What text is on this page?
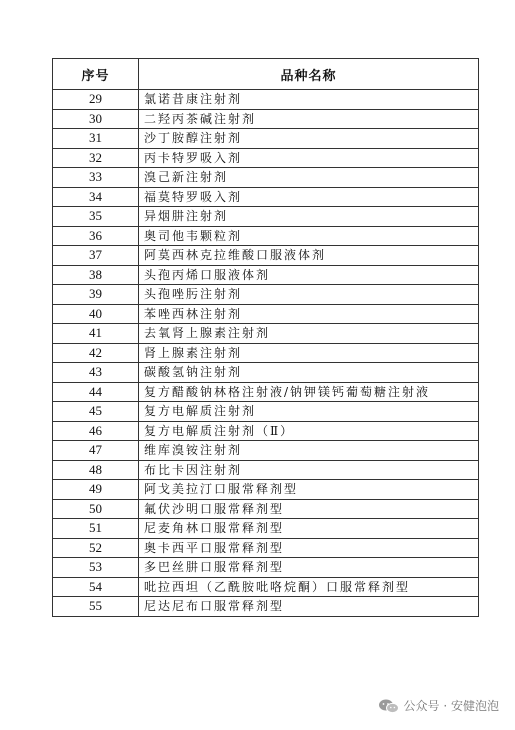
序号	品种名称
29	氯诺昔康注射剂
30	二羟丙茶碱注射剂
31	沙丁胺醇注射剂
32	丙卡特罗吸入剂
33	溴己新注射剂
34	福莫特罗吸入剂
35	异烟肼注射剂
36	奥司他韦颗粒剂
37	阿莫西林克拉维酸口服液体剂
38	头孢丙烯口服液体剂
39	头孢唑肟注射剂
40	苯唑西林注射剂
41	去氧肾上腺素注射剂
42	肾上腺素注射剂
43	碳酸氢钠注射剂
44	复方醋酸钠林格注射液/钠钾镁钙葡萄糖注射液
45	复方电解质注射剂
46	复方电解质注射剂（Ⅱ）
47	维库溴铵注射剂
48	布比卡因注射剂
49	阿戈美拉汀口服常释剂型
50	氟伏沙明口服常释剂型
51	尼麦角林口服常释剂型
52	奥卡西平口服常释剂型
53	多巴丝肼口服常释剂型
54	吡拉西坦（乙酰胺吡咯烷酮）口服常释剂型
55	尼达尼布口服常释剂型
公众号 · 安健泡泡
